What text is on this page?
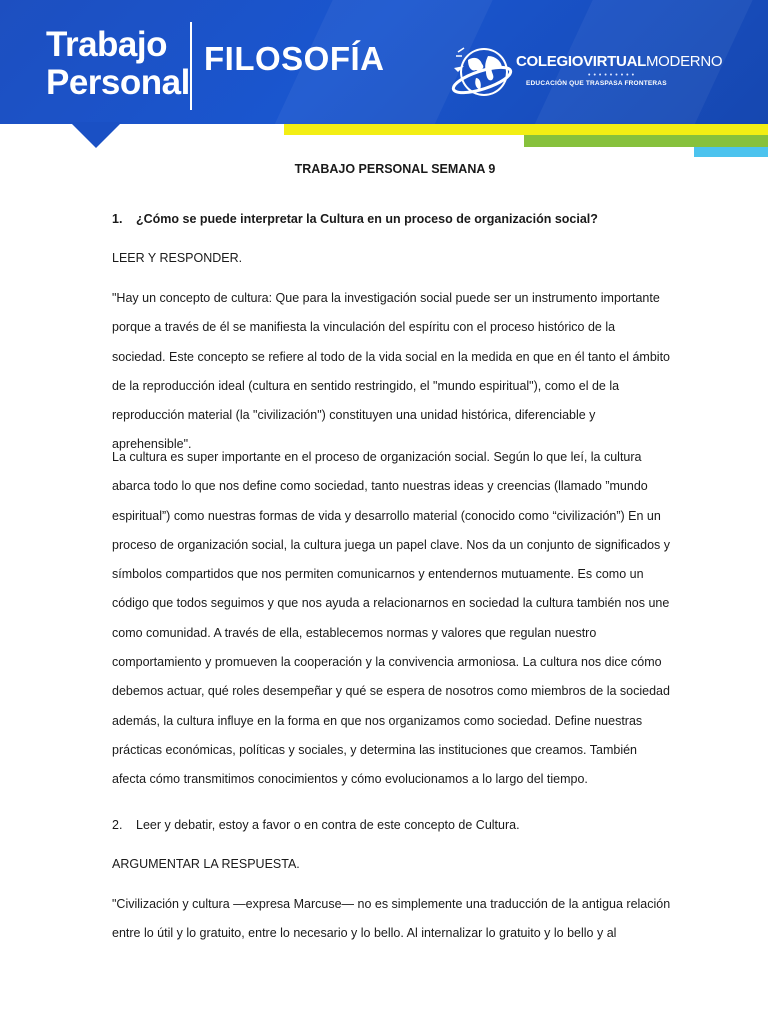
Trabajo
Personal
FILOSOFÍA	COLEGIOVIRTUALMODERNO
•••••••••
EDUCACIÓN QUE TRASPASA FRONTERAS
TRABAJO PERSONAL SEMANA 9
1. ¿Cómo se puede interpretar la Cultura en un proceso de organización social?
LEER Y RESPONDER.
"Hay un concepto de cultura: Que para la investigación social puede ser un instrumento importante porque a través de él se manifiesta la vinculación del espíritu con el proceso histórico de la sociedad. Este concepto se refiere al todo de la vida social en la medida en que en él tanto el ámbito de la reproducción ideal (cultura en sentido restringido, el "mundo espiritual"), como el de la reproducción material (la "civilización") constituyen una unidad histórica, diferenciable y aprehensible".
La cultura es super importante en el proceso de organización social. Según lo que leí, la cultura abarca todo lo que nos define como sociedad, tanto nuestras ideas y creencias (llamado ”mundo espiritual”) como nuestras formas de vida y desarrollo material (conocido como “civilización”) En un proceso de organización social, la cultura juega un papel clave. Nos da un conjunto de significados y símbolos compartidos que nos permiten comunicarnos y entendernos mutuamente. Es como un código que todos seguimos y que nos ayuda a relacionarnos en sociedad la cultura también nos une como comunidad. A través de ella, establecemos normas y valores que regulan nuestro comportamiento y promueven la cooperación y la convivencia armoniosa. La cultura nos dice cómo debemos actuar, qué roles desempeñar y qué se espera de nosotros como miembros de la sociedad además, la cultura influye en la forma en que nos organizamos como sociedad. Define nuestras prácticas económicas, políticas y sociales, y determina las instituciones que creamos. También afecta cómo transmitimos conocimientos y cómo evolucionamos a lo largo del tiempo.
2. Leer y debatir, estoy a favor o en contra de este concepto de Cultura.
ARGUMENTAR LA RESPUESTA.
"Civilización y cultura —expresa Marcuse— no es simplemente una traducción de la antigua relación entre lo útil y lo gratuito, entre lo necesario y lo bello. Al internalizar lo gratuito y lo bello y al
